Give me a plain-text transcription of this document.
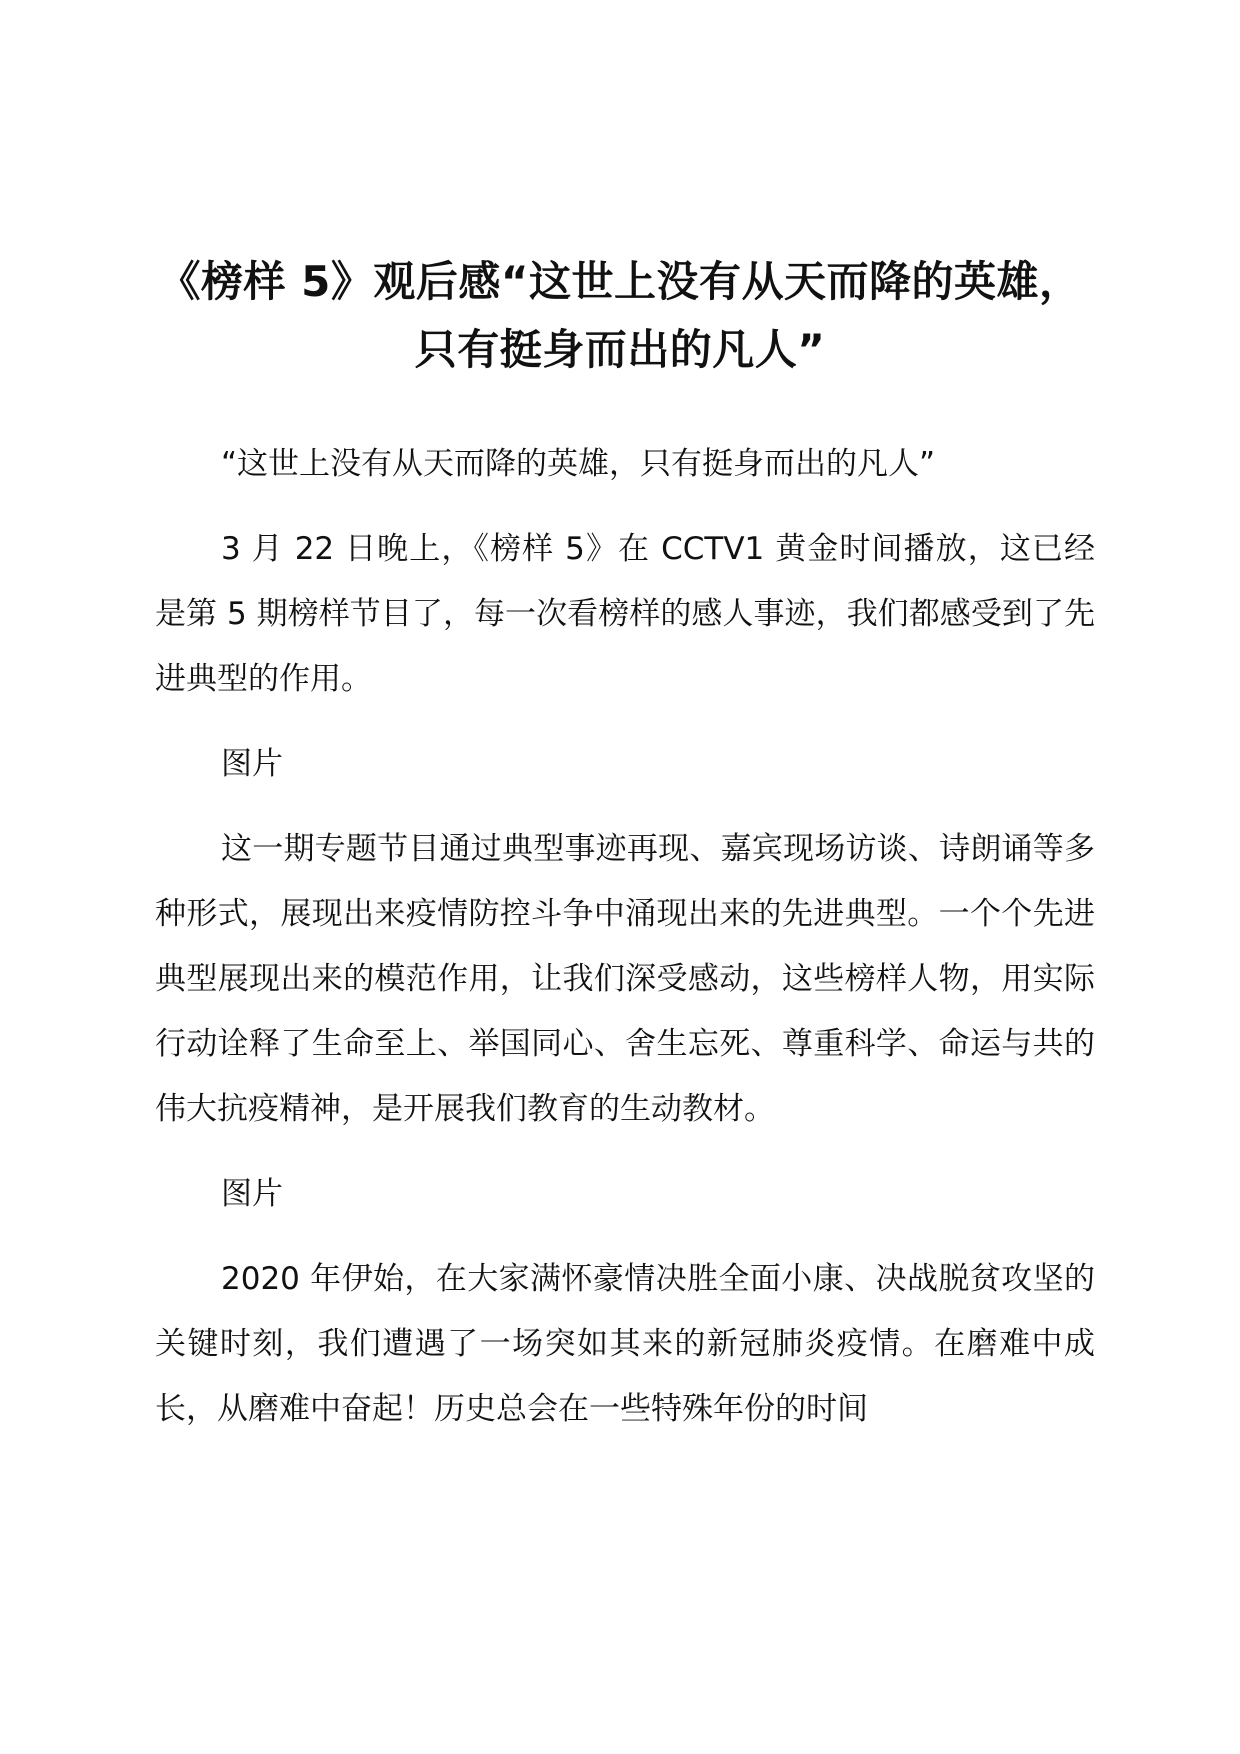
《榜样 5》观后感“这世上没有从天而降的英雄，只有挺身而出的凡人”

“这世上没有从天而降的英雄，只有挺身而出的凡人”

3 月 22 日晚上，《榜样 5》在 CCTV1 黄金时间播放，这已经是第 5 期榜样节目了，每一次看榜样的感人事迹，我们都感受到了先进典型的作用。

图片

这一期专题节目通过典型事迹再现、嘉宾现场访谈、诗朗诵等多种形式，展现出来疫情防控斗争中涌现出来的先进典型。一个个先进典型展现出来的模范作用，让我们深受感动，这些榜样人物，用实际行动诠释了生命至上、举国同心、舍生忘死、尊重科学、命运与共的伟大抗疫精神，是开展我们教育的生动教材。

图片

2020 年伊始，在大家满怀豪情决胜全面小康、决战脱贫攻坚的关键时刻，我们遭遇了一场突如其来的新冠肺炎疫情。在磨难中成长，从磨难中奋起！历史总会在一些特殊年份的时间
